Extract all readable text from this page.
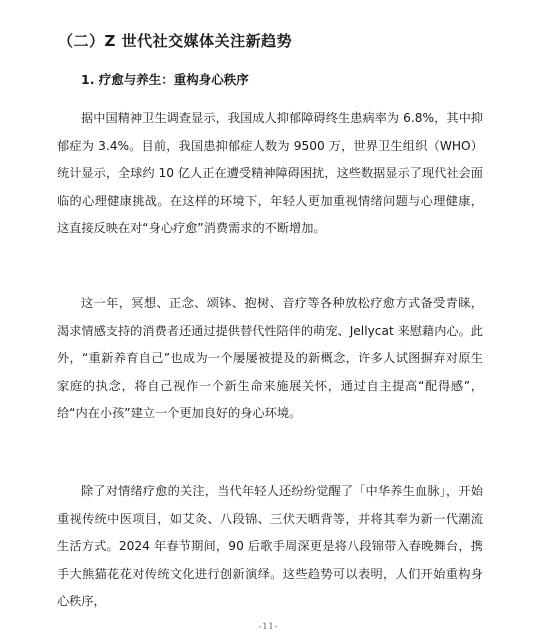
（二）Z 世代社交媒体关注新趋势
1. 疗愈与养生：重构身心秩序

据中国精神卫生调查显示，我国成人抑郁障碍终生患病率为 6.8%，其中抑郁症为 3.4%。目前，我国患抑郁症人数为 9500 万，世界卫生组织（WHO）统计显示，全球约 10 亿人正在遭受精神障碍困扰，这些数据显示了现代社会面临的心理健康挑战。在这样的环境下，年轻人更加重视情绪问题与心理健康，这直接反映在对“身心疗愈”消费需求的不断增加。

这一年，冥想、正念、颂钵、抱树、音疗等各种放松疗愈方式备受青睐，渴求情感支持的消费者还通过提供替代性陪伴的萌宠、Jellycat 来慰藉内心。此外，“重新养育自己”也成为一个屡屡被提及的新概念，许多人试图摒弃对原生家庭的执念，将自己视作一个新生命来施展关怀，通过自主提高“配得感”，给“内在小孩”建立一个更加良好的身心环境。

除了对情绪疗愈的关注，当代年轻人还纷纷觉醒了「中华养生血脉」，开始重视传统中医项目，如艾灸、八段锦、三伏天晒背等，并将其奉为新一代潮流生活方式。2024 年春节期间，90 后歌手周深更是将八段锦带入春晚舞台，携手大熊猫花花对传统文化进行创新演绎。这些趋势可以表明，人们开始重构身心秩序，

-11-
